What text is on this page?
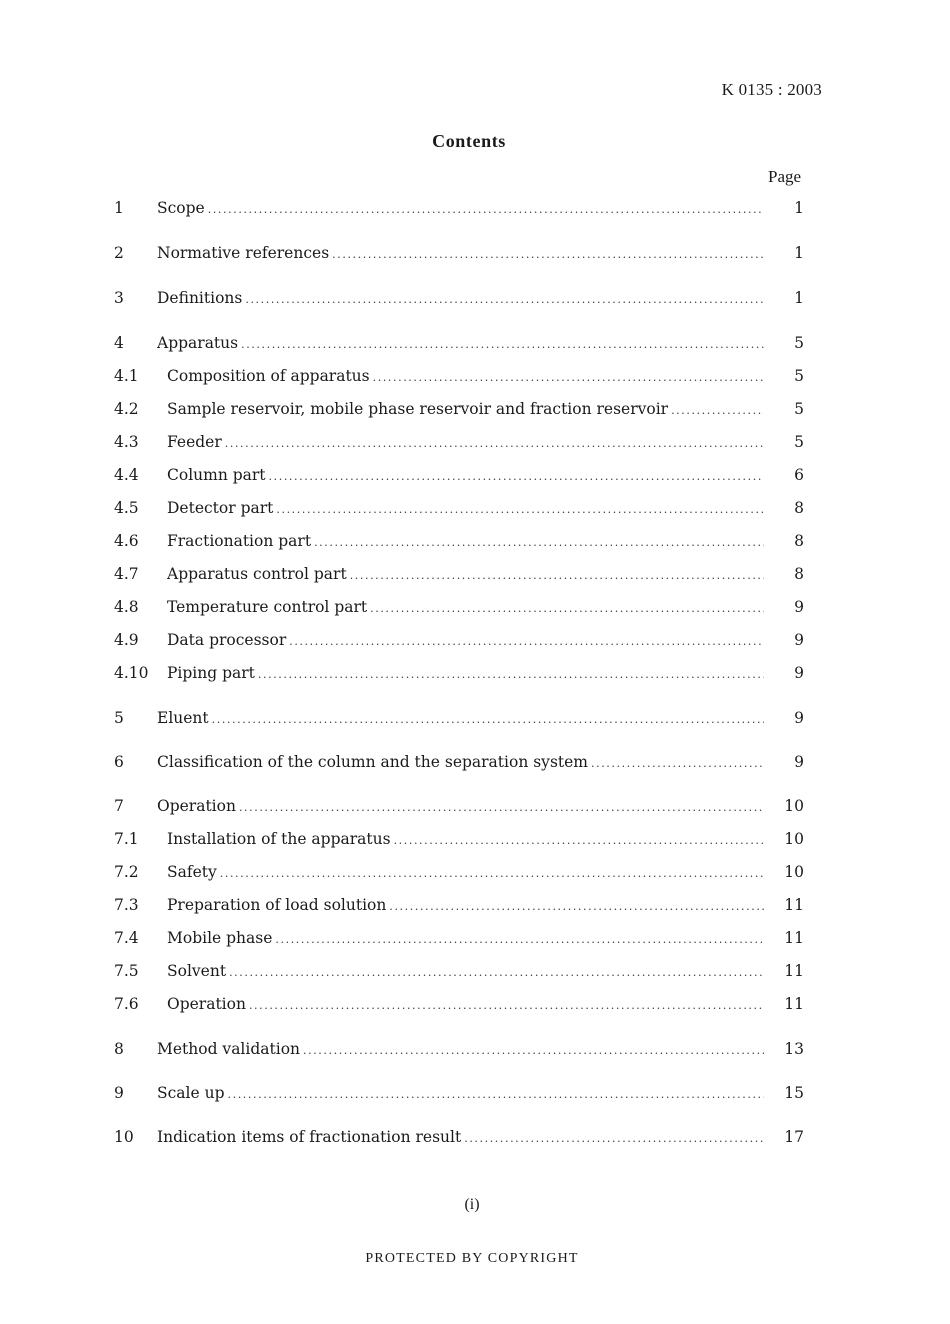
K 0135 : 2003
Contents
Page
1 Scope .....	1
2 Normative references .....	1
3 Definitions .....	1
4 Apparatus .....	5
4.1 Composition of apparatus .....	5
4.2 Sample reservoir, mobile phase reservoir and fraction reservoir .....	5
4.3 Feeder .....	5
4.4 Column part .....	6
4.5 Detector part .....	8
4.6 Fractionation part .....	8
4.7 Apparatus control part .....	8
4.8 Temperature control part .....	9
4.9 Data processor .....	9
4.10 Piping part .....	9
5 Eluent .....	9
6 Classification of the column and the separation system .....	9
7 Operation .....	10
7.1 Installation of the apparatus .....	10
7.2 Safety .....	10
7.3 Preparation of load solution .....	11
7.4 Mobile phase .....	11
7.5 Solvent .....	11
7.6 Operation .....	11
8 Method validation .....	13
9 Scale up .....	15
10 Indication items of fractionation result .....	17
(i)
PROTECTED BY COPYRIGHT
